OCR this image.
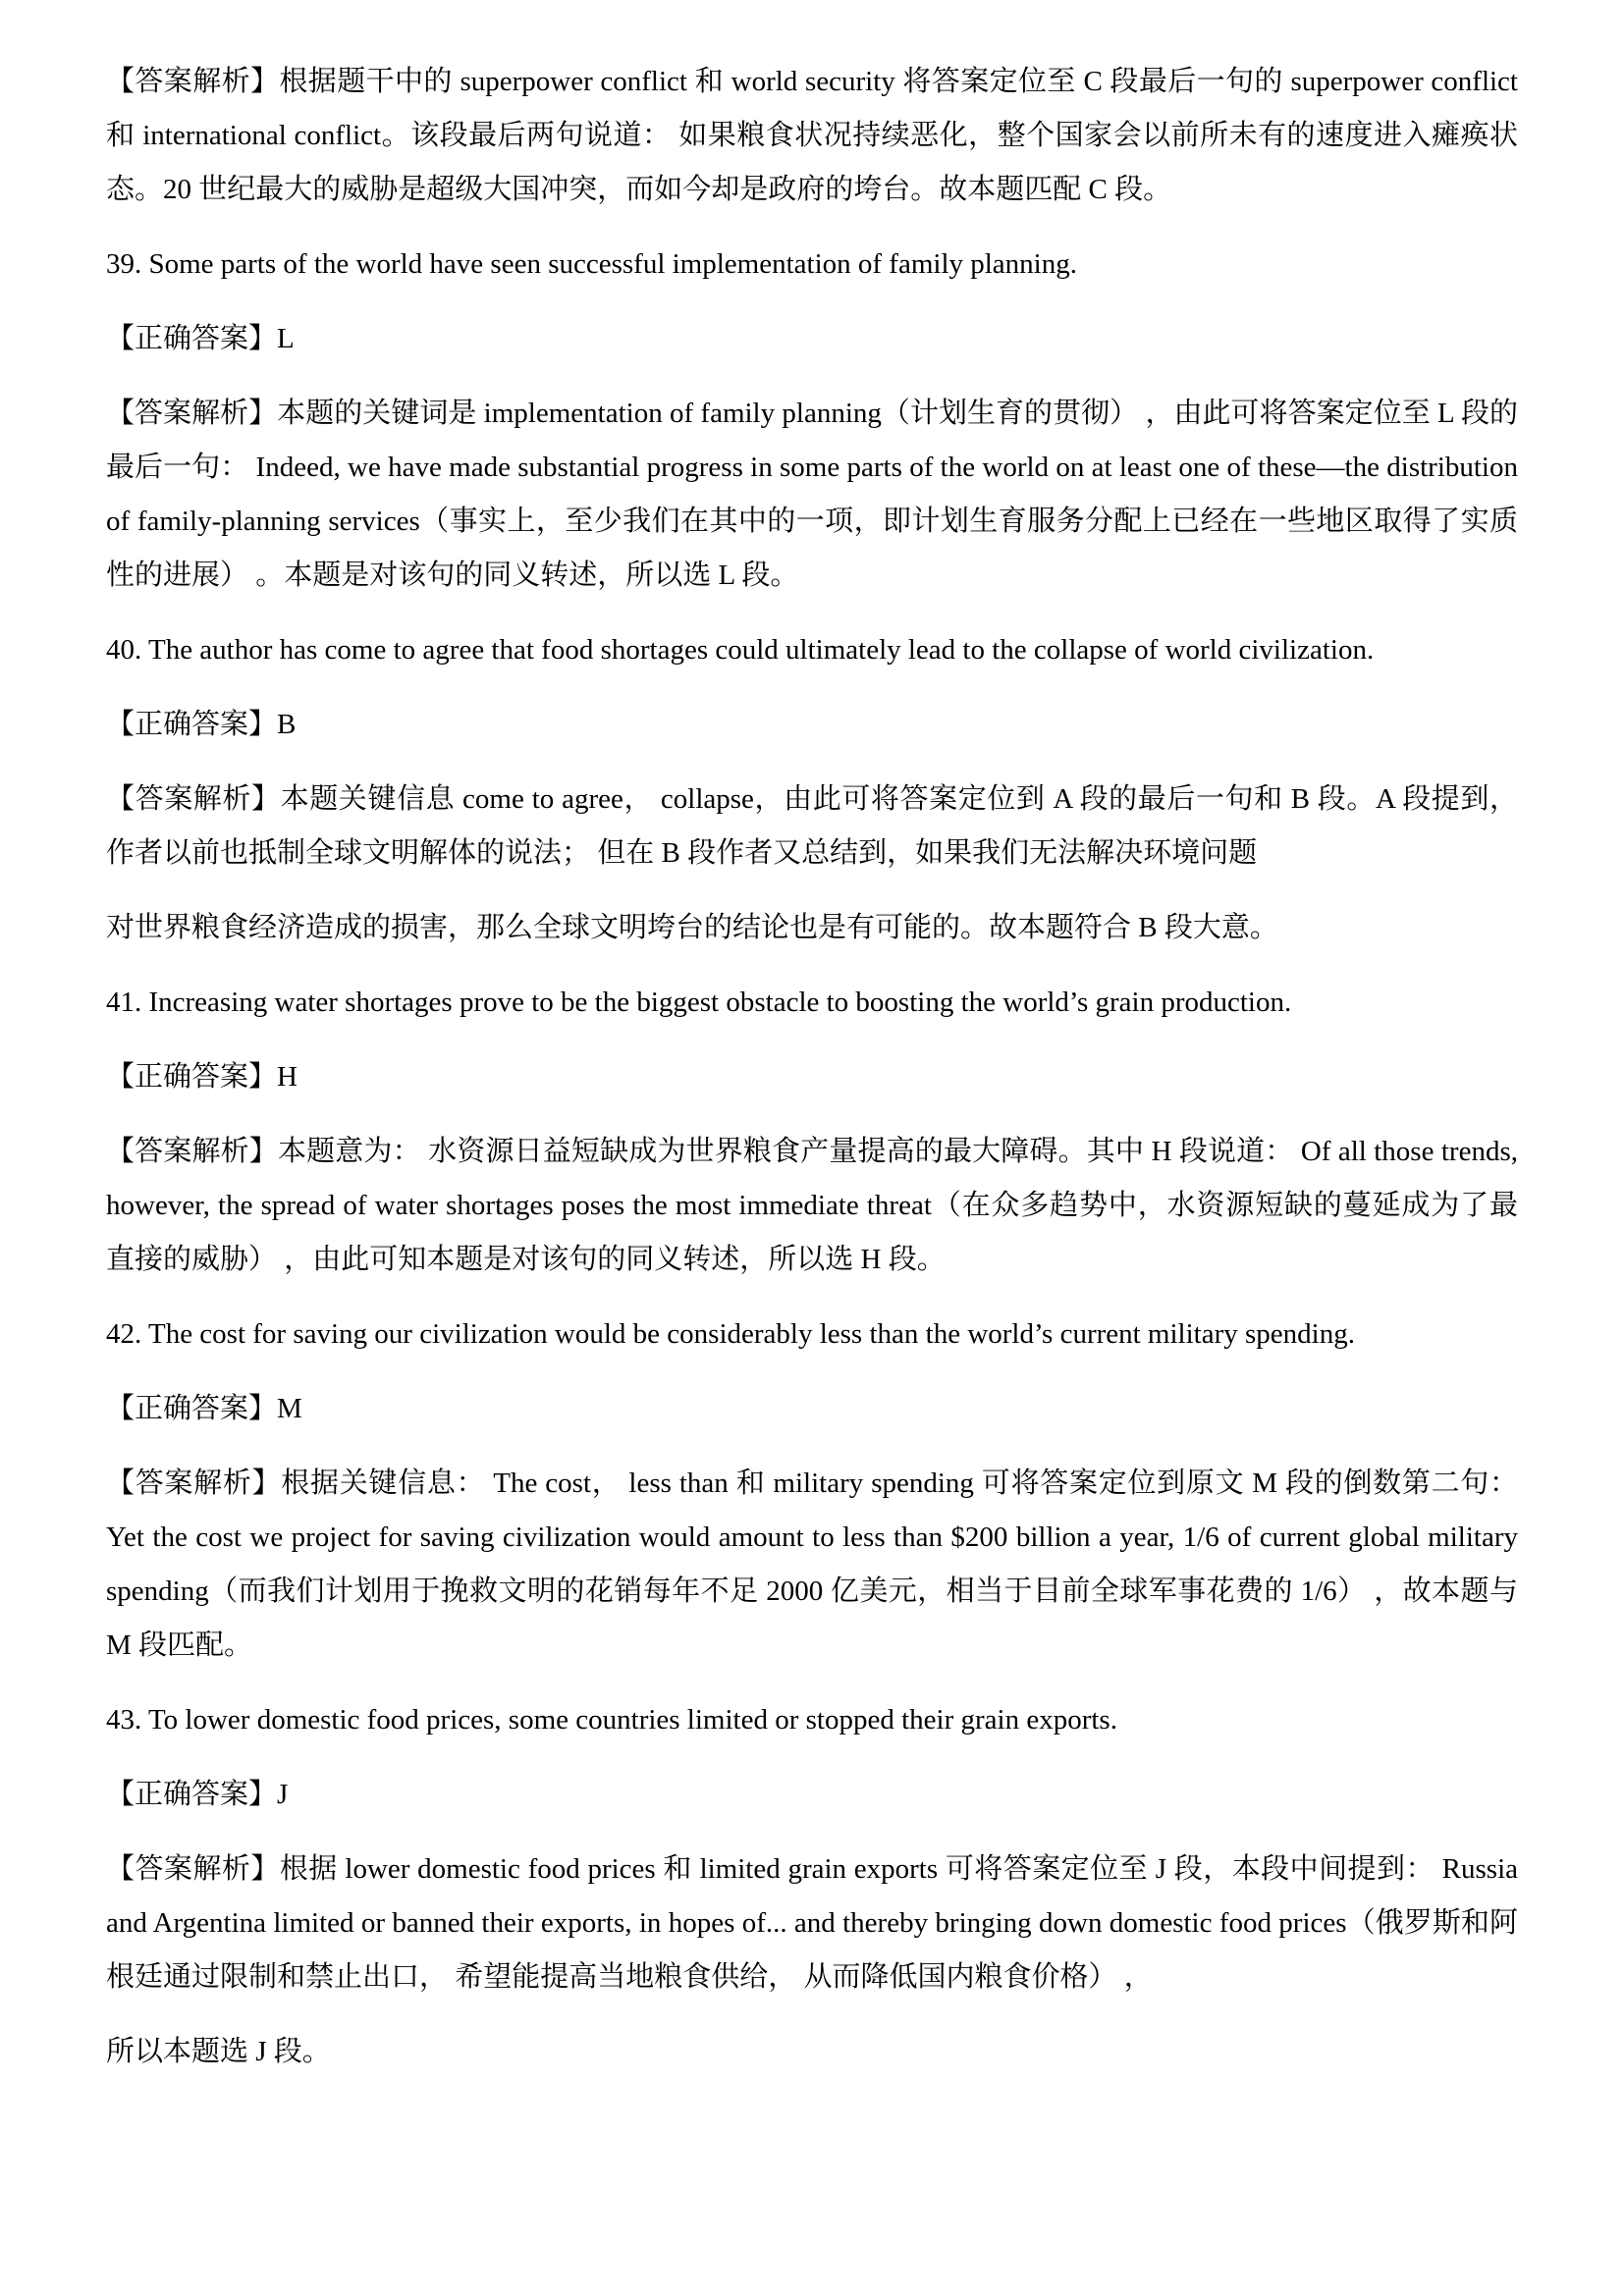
【答案解析】根据题干中的 superpower conflict 和 world security 将答案定位至 C 段最后一句的 superpower conflict 和 international conflict。该段最后两句说道： 如果粮食状况持续恶化，整个国家会以前所未有的速度进入瘫痪状态。20 世纪最大的威胁是超级大国冲突，而如今却是政府的垮台。故本题匹配 C 段。

39. Some parts of the world have seen successful implementation of family planning.

【正确答案】L

【答案解析】本题的关键词是 implementation of family planning（计划生育的贯彻） ，由此可将答案定位至 L 段的最后一句： Indeed, we have made substantial progress in some parts of the world on at least one of these—the distribution of family-planning services（事实上，至少我们在其中的一项，即计划生育服务分配上已经在一些地区取得了实质性的进展） 。本题是对该句的同义转述，所以选 L 段。

40. The author has come to agree that food shortages could ultimately lead to the collapse of world civilization.

【正确答案】B

【答案解析】本题关键信息 come to agree， collapse，由此可将答案定位到 A 段的最后一句和 B 段。A 段提到，作者以前也抵制全球文明解体的说法； 但在 B 段作者又总结到，如果我们无法解决环境问题

对世界粮食经济造成的损害，那么全球文明垮台的结论也是有可能的。故本题符合 B 段大意。

41. Increasing water shortages prove to be the biggest obstacle to boosting the world’s grain production.

【正确答案】H

【答案解析】本题意为： 水资源日益短缺成为世界粮食产量提高的最大障碍。其中 H 段说道： Of all those trends, however, the spread of water shortages poses the most immediate threat（在众多趋势中，水资源短缺的蔓延成为了最直接的威胁） ，由此可知本题是对该句的同义转述，所以选 H 段。

42. The cost for saving our civilization would be considerably less than the world’s current military spending.

【正确答案】M

【答案解析】根据关键信息： The cost， less than 和 military spending 可将答案定位到原文 M 段的倒数第二句： Yet the cost we project for saving civilization would amount to less than $200 billion a year, 1/6 of current global military spending（而我们计划用于挽救文明的花销每年不足 2000 亿美元，相当于目前全球军事花费的 1/6） ，故本题与 M 段匹配。

43. To lower domestic food prices, some countries limited or stopped their grain exports.

【正确答案】J

【答案解析】根据 lower domestic food prices 和 limited grain exports 可将答案定位至 J 段，本段中间提到： Russia and Argentina limited or banned their exports, in hopes of... and thereby bringing down domestic food prices（俄罗斯和阿根廷通过限制和禁止出口， 希望能提高当地粮食供给， 从而降低国内粮食价格） ，

所以本题选 J 段。
